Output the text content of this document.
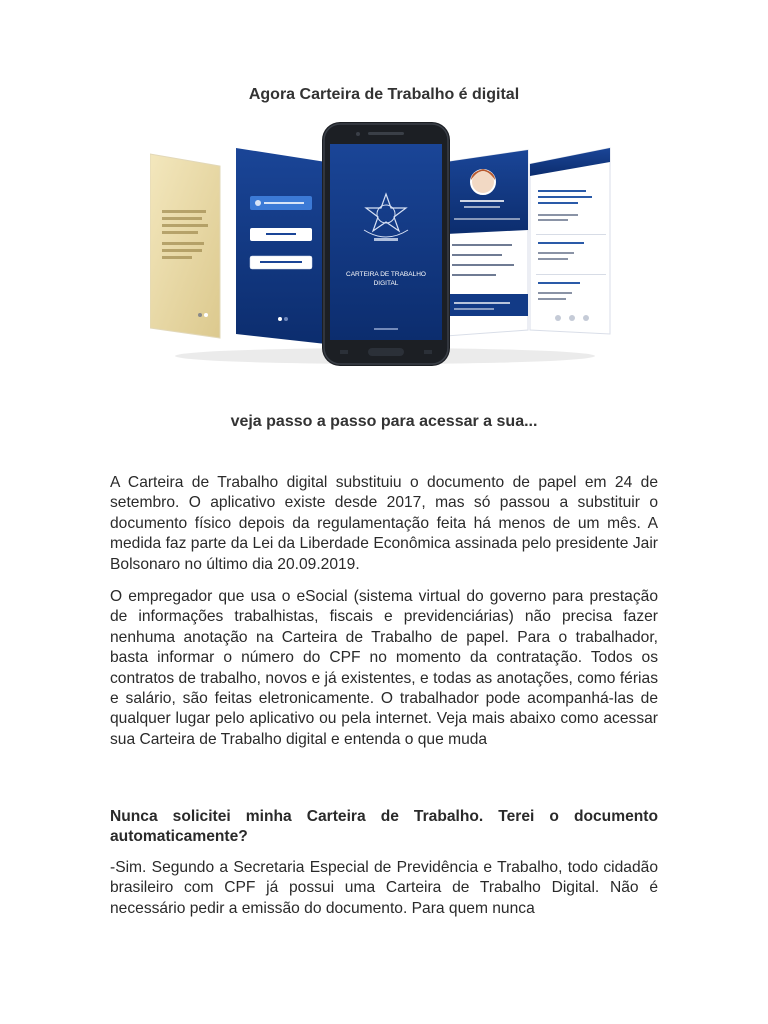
Agora Carteira de Trabalho é digital
CARTEIRA DE TRABALHO
DIGITAL
veja passo a passo para acessar a sua...
A Carteira de Trabalho digital substituiu o documento de papel em 24 de setembro. O aplicativo existe desde 2017, mas só passou a substituir o documento físico depois da regulamentação feita há menos de um mês. A medida faz parte da Lei da Liberdade Econômica assinada pelo presidente Jair Bolsonaro no último dia 20.09.2019.
O empregador que usa o eSocial (sistema virtual do governo para prestação de informações trabalhistas, fiscais e previdenciárias) não precisa fazer nenhuma anotação na Carteira de Trabalho de papel. Para o trabalhador, basta informar o número do CPF no momento da contratação. Todos os contratos de trabalho, novos e já existentes, e todas as anotações, como férias e salário, são feitas eletronicamente. O trabalhador pode acompanhá-las de qualquer lugar pelo aplicativo ou pela internet. Veja mais abaixo como acessar sua Carteira de Trabalho digital e entenda o que muda
Nunca solicitei minha Carteira de Trabalho. Terei o documento automaticamente?
-Sim. Segundo a Secretaria Especial de Previdência e Trabalho, todo cidadão brasileiro com CPF já possui uma Carteira de Trabalho Digital. Não é necessário pedir a emissão do documento. Para quem nunca
